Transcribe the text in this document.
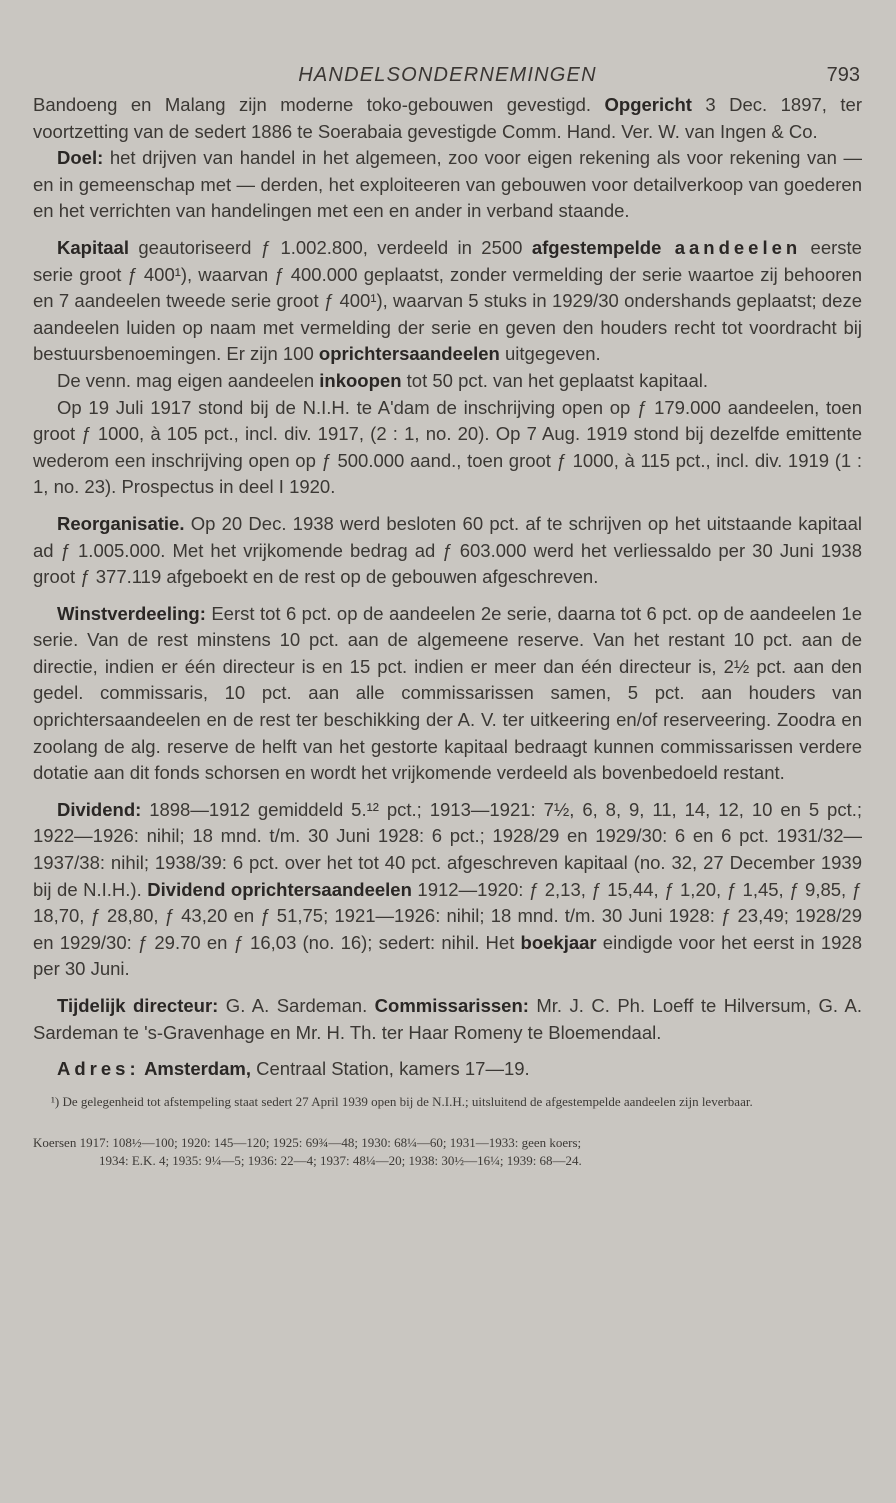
HANDELSONDERNEMINGEN	793

Bandoeng en Malang zijn moderne toko-gebouwen gevestigd. Opgericht 3 Dec. 1897, ter voortzetting van de sedert 1886 te Soerabaia gevestigde Comm. Hand. Ver. W. van Ingen & Co.

Doel: het drijven van handel in het algemeen, zoo voor eigen rekening als voor rekening van — en in gemeenschap met — derden, het exploiteeren van gebouwen voor detailverkoop van goederen en het verrichten van handelingen met een en ander in verband staande.

Kapitaal geautoriseerd ƒ 1.002.800, verdeeld in 2500 afgestempelde aandeelen eerste serie groot ƒ 400¹), waarvan ƒ 400.000 geplaatst, zonder vermelding der serie waartoe zij behooren en 7 aandeelen tweede serie groot ƒ 400¹), waarvan 5 stuks in 1929/30 ondershands geplaatst; deze aandeelen luiden op naam met vermelding der serie en geven den houders recht tot voordracht bij bestuursbenoemingen. Er zijn 100 oprichtersaandeelen uitgegeven.

De venn. mag eigen aandeelen inkoopen tot 50 pct. van het geplaatst kapitaal.

Op 19 Juli 1917 stond bij de N.I.H. te A'dam de inschrijving open op ƒ 179.000 aandeelen, toen groot ƒ 1000, à 105 pct., incl. div. 1917, (2 : 1, no. 20). Op 7 Aug. 1919 stond bij dezelfde emittente wederom een inschrijving open op ƒ 500.000 aand., toen groot ƒ 1000, à 115 pct., incl. div. 1919 (1 : 1, no. 23). Prospectus in deel I 1920.

Reorganisatie. Op 20 Dec. 1938 werd besloten 60 pct. af te schrijven op het uitstaande kapitaal ad ƒ 1.005.000. Met het vrijkomende bedrag ad ƒ 603.000 werd het verliessaldo per 30 Juni 1938 groot ƒ 377.119 afgeboekt en de rest op de gebouwen afgeschreven.

Winstverdeeling: Eerst tot 6 pct. op de aandeelen 2e serie, daarna tot 6 pct. op de aandeelen 1e serie. Van de rest minstens 10 pct. aan de algemeene reserve. Van het restant 10 pct. aan de directie, indien er één directeur is en 15 pct. indien er meer dan één directeur is, 2½ pct. aan den gedel. commissaris, 10 pct. aan alle commissarissen samen, 5 pct. aan houders van oprichtersaandeelen en de rest ter beschikking der A. V. ter uitkeering en/of reserveering. Zoodra en zoolang de alg. reserve de helft van het gestorte kapitaal bedraagt kunnen commissarissen verdere dotatie aan dit fonds schorsen en wordt het vrijkomende verdeeld als bovenbedoeld restant.

Dividend: 1898—1912 gemiddeld 5.¹² pct.; 1913—1921: 7½, 6, 8, 9, 11, 14, 12, 10 en 5 pct.; 1922—1926: nihil; 18 mnd. t/m. 30 Juni 1928: 6 pct.; 1928/29 en 1929/30: 6 en 6 pct. 1931/32—1937/38: nihil; 1938/39: 6 pct. over het tot 40 pct. afgeschreven kapitaal (no. 32, 27 December 1939 bij de N.I.H.). Dividend oprichtersaandeelen 1912—1920: ƒ 2,13, ƒ 15,44, ƒ 1,20, ƒ 1,45, ƒ 9,85, ƒ 18,70, ƒ 28,80, ƒ 43,20 en ƒ 51,75; 1921—1926: nihil; 18 mnd. t/m. 30 Juni 1928: ƒ 23,49; 1928/29 en 1929/30: ƒ 29.70 en ƒ 16,03 (no. 16); sedert: nihil. Het boekjaar eindigde voor het eerst in 1928 per 30 Juni.

Tijdelijk directeur: G. A. Sardeman. Commissarissen: Mr. J. C. Ph. Loeff te Hilversum, G. A. Sardeman te 's-Gravenhage en Mr. H. Th. ter Haar Romeny te Bloemendaal.

Adres: Amsterdam, Centraal Station, kamers 17—19.

¹) De gelegenheid tot afstempeling staat sedert 27 April 1939 open bij de N.I.H.; uitsluitend de afgestempelde aandeelen zijn leverbaar.
Koersen 1917: 108½—100; 1920: 145—120; 1925: 69¾—48; 1930: 68¼—60; 1931—1933: geen koers;
1934: E.K. 4; 1935: 9¼—5; 1936: 22—4; 1937: 48¼—20; 1938: 30½—16¼; 1939: 68—24.
